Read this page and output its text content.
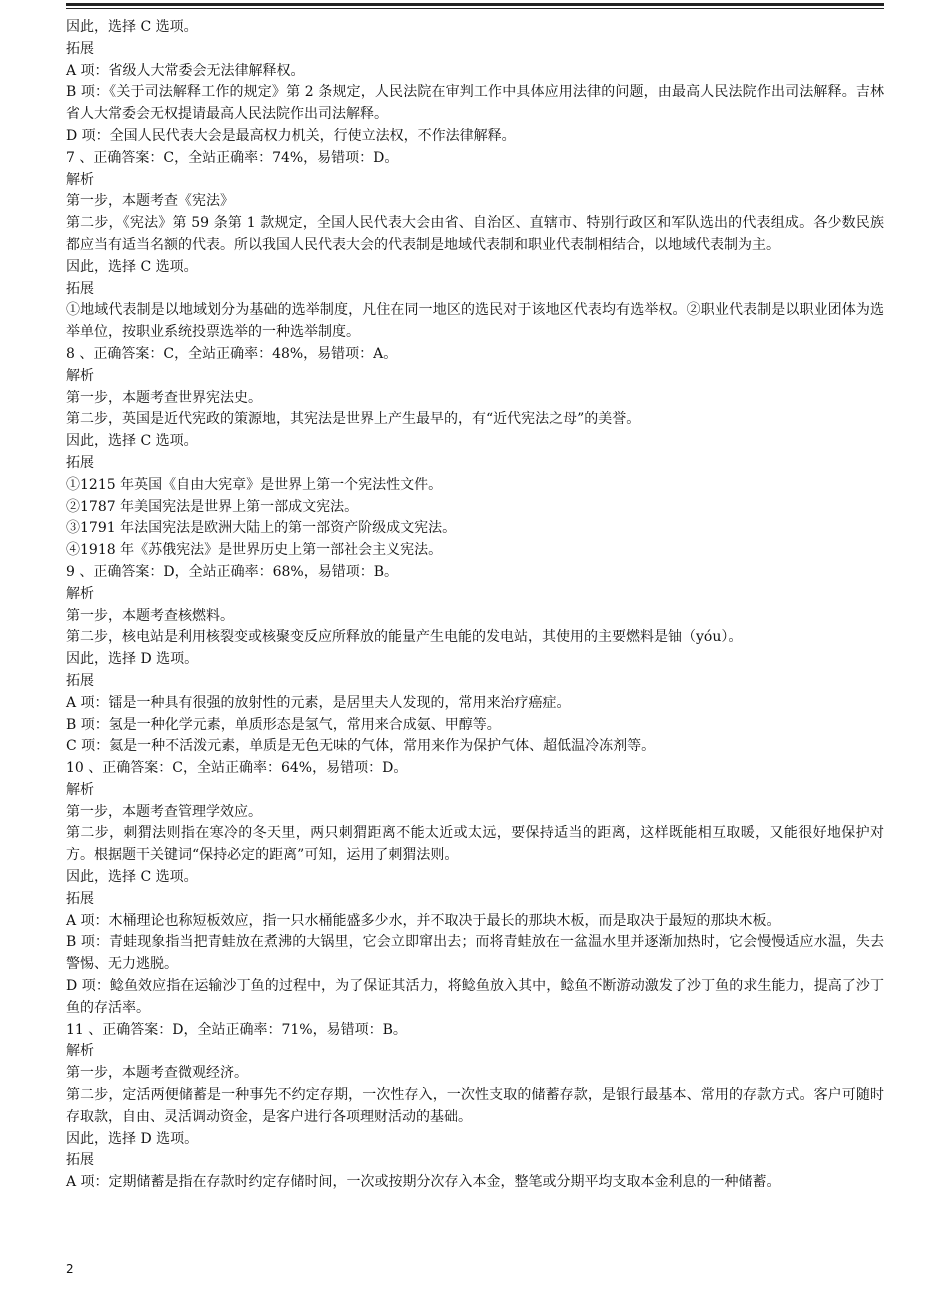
因此，选择 C 选项。

拓展

A 项：省级人大常委会无法律解释权。

B 项：《关于司法解释工作的规定》第 2 条规定，人民法院在审判工作中具体应用法律的问题，由最高人民法院作出司法解释。吉林省人大常委会无权提请最高人民法院作出司法解释。

D 项：全国人民代表大会是最高权力机关，行使立法权，不作法律解释。

7 、正确答案：C，全站正确率：74%，易错项：D。

解析

第一步，本题考查《宪法》

第二步，《宪法》第 59 条第 1 款规定，全国人民代表大会由省、自治区、直辖市、特别行政区和军队选出的代表组成。各少数民族都应当有适当名额的代表。所以我国人民代表大会的代表制是地域代表制和职业代表制相结合，以地域代表制为主。

因此，选择 C 选项。

拓展

①地域代表制是以地域划分为基础的选举制度，凡住在同一地区的选民对于该地区代表均有选举权。②职业代表制是以职业团体为选举单位，按职业系统投票选举的一种选举制度。

8 、正确答案：C，全站正确率：48%，易错项：A。

解析

第一步，本题考查世界宪法史。

第二步，英国是近代宪政的策源地，其宪法是世界上产生最早的，有“近代宪法之母”的美誉。

因此，选择 C 选项。

拓展

①1215 年英国《自由大宪章》是世界上第一个宪法性文件。

②1787 年美国宪法是世界上第一部成文宪法。

③1791 年法国宪法是欧洲大陆上的第一部资产阶级成文宪法。

④1918 年《苏俄宪法》是世界历史上第一部社会主义宪法。

9 、正确答案：D，全站正确率：68%，易错项：B。

解析

第一步，本题考查核燃料。

第二步，核电站是利用核裂变或核聚变反应所释放的能量产生电能的发电站，其使用的主要燃料是铀（yóu）。

因此，选择 D 选项。

拓展

A 项：镭是一种具有很强的放射性的元素，是居里夫人发现的，常用来治疗癌症。

B 项：氢是一种化学元素，单质形态是氢气，常用来合成氨、甲醇等。

C 项：氦是一种不活泼元素，单质是无色无味的气体，常用来作为保护气体、超低温冷冻剂等。

10 、正确答案：C，全站正确率：64%，易错项：D。

解析

第一步，本题考查管理学效应。

第二步，刺猬法则指在寒冷的冬天里，两只刺猬距离不能太近或太远，要保持适当的距离，这样既能相互取暖，又能很好地保护对方。根据题干关键词“保持必定的距离”可知，运用了刺猬法则。

因此，选择 C 选项。

拓展

A 项：木桶理论也称短板效应，指一只水桶能盛多少水，并不取决于最长的那块木板，而是取决于最短的那块木板。

B 项：青蛙现象指当把青蛙放在煮沸的大锅里，它会立即窜出去；而将青蛙放在一盆温水里并逐渐加热时，它会慢慢适应水温，失去警惕、无力逃脱。

D 项：鲶鱼效应指在运输沙丁鱼的过程中，为了保证其活力，将鲶鱼放入其中，鲶鱼不断游动激发了沙丁鱼的求生能力，提高了沙丁鱼的存活率。

11 、正确答案：D，全站正确率：71%，易错项：B。

解析

第一步，本题考查微观经济。

第二步，定活两便储蓄是一种事先不约定存期，一次性存入，一次性支取的储蓄存款，是银行最基本、常用的存款方式。客户可随时存取款，自由、灵活调动资金，是客户进行各项理财活动的基础。

因此，选择 D 选项。

拓展

A 项：定期储蓄是指在存款时约定存储时间，一次或按期分次存入本金，整笔或分期平均支取本金利息的一种储蓄。

2
